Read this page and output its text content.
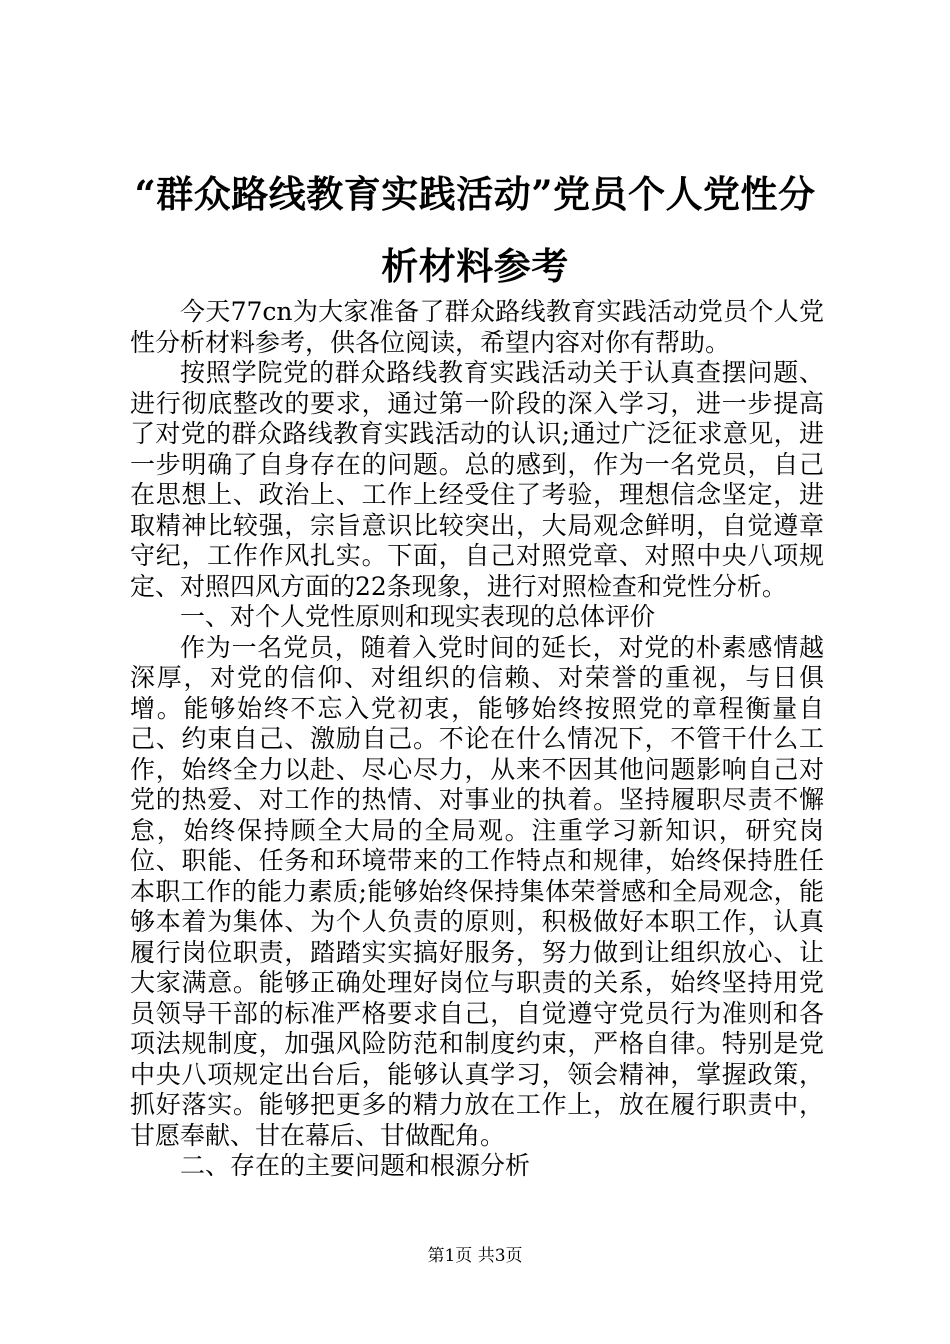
“群众路线教育实践活动”党员个人党性分析材料参考

今天77cn为大家准备了群众路线教育实践活动党员个人党性分析材料参考，供各位阅读，希望内容对你有帮助。

按照学院党的群众路线教育实践活动关于认真查摆问题、进行彻底整改的要求，通过第一阶段的深入学习，进一步提高了对党的群众路线教育实践活动的认识;通过广泛征求意见，进一步明确了自身存在的问题。总的感到，作为一名党员，自己在思想上、政治上、工作上经受住了考验，理想信念坚定，进取精神比较强，宗旨意识比较突出，大局观念鲜明，自觉遵章守纪，工作作风扎实。下面，自己对照党章、对照中央八项规定、对照四风方面的22条现象，进行对照检查和党性分析。

一、对个人党性原则和现实表现的总体评价

作为一名党员，随着入党时间的延长，对党的朴素感情越深厚，对党的信仰、对组织的信赖、对荣誉的重视，与日俱增。能够始终不忘入党初衷，能够始终按照党的章程衡量自己、约束自己、激励自己。不论在什么情况下，不管干什么工作，始终全力以赴、尽心尽力，从来不因其他问题影响自己对党的热爱、对工作的热情、对事业的执着。坚持履职尽责不懈怠，始终保持顾全大局的全局观。注重学习新知识，研究岗位、职能、任务和环境带来的工作特点和规律，始终保持胜任本职工作的能力素质;能够始终保持集体荣誉感和全局观念，能够本着为集体、为个人负责的原则，积极做好本职工作，认真履行岗位职责，踏踏实实搞好服务，努力做到让组织放心、让大家满意。能够正确处理好岗位与职责的关系，始终坚持用党员领导干部的标准严格要求自己，自觉遵守党员行为准则和各项法规制度，加强风险防范和制度约束，严格自律。特别是党中央八项规定出台后，能够认真学习，领会精神，掌握政策，抓好落实。能够把更多的精力放在工作上，放在履行职责中，甘愿奉献、甘在幕后、甘做配角。

二、存在的主要问题和根源分析

第1页 共3页
